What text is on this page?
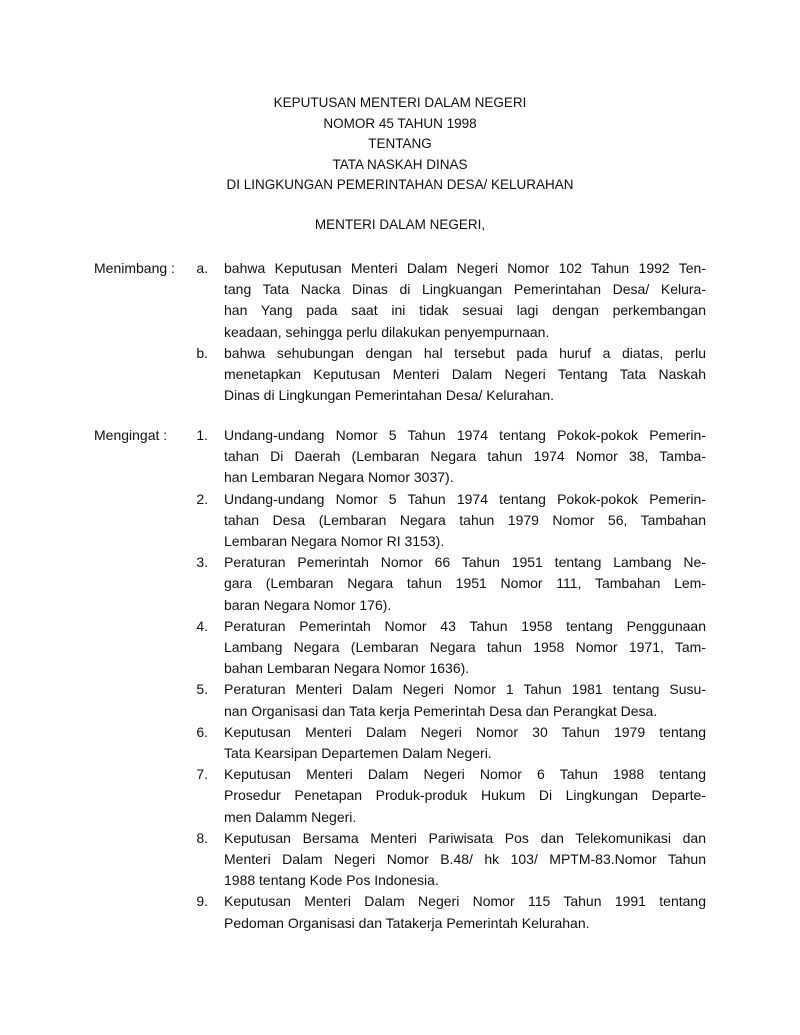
KEPUTUSAN MENTERI DALAM NEGERI
NOMOR 45 TAHUN 1998
TENTANG
TATA NASKAH DINAS
DI LINGKUNGAN PEMERINTAHAN DESA/ KELURAHAN
MENTERI DALAM NEGERI,
Menimbang :	a. bahwa Keputusan Menteri Dalam Negeri Nomor 102 Tahun 1992 Ten-
tang Tata Nacka Dinas di Lingkuangan Pemerintahan Desa/ Kelura-
han Yang pada saat ini tidak sesuai lagi dengan perkembangan
keadaan, sehingga perlu dilakukan penyempurnaan.
b. bahwa sehubungan dengan hal tersebut pada huruf a diatas, perlu
menetapkan Keputusan Menteri Dalam Negeri Tentang Tata Naskah
Dinas di Lingkungan Pemerintahan Desa/ Kelurahan.
Mengingat :	1. Undang-undang Nomor 5 Tahun 1974 tentang Pokok-pokok Pemerin-
tahan Di Daerah (Lembaran Negara tahun 1974 Nomor 38, Tamba-
han Lembaran Negara Nomor 3037).
2. Undang-undang Nomor 5 Tahun 1974 tentang Pokok-pokok Pemerin-
tahan Desa (Lembaran Negara tahun 1979 Nomor 56, Tambahan
Lembaran Negara Nomor RI 3153).
3. Peraturan Pemerintah Nomor 66 Tahun 1951 tentang Lambang Ne-
gara (Lembaran Negara tahun 1951 Nomor 111, Tambahan Lem-
baran Negara Nomor 176).
4. Peraturan Pemerintah Nomor 43 Tahun 1958 tentang Penggunaan
Lambang Negara (Lembaran Negara tahun 1958 Nomor 1971, Tam-
bahan Lembaran Negara Nomor 1636).
5. Peraturan Menteri Dalam Negeri Nomor 1 Tahun 1981 tentang Susu-
nan Organisasi dan Tata kerja Pemerintah Desa dan Perangkat Desa.
6. Keputusan Menteri Dalam Negeri Nomor 30 Tahun 1979 tentang
Tata Kearsipan Departemen Dalam Negeri.
7. Keputusan Menteri Dalam Negeri Nomor 6 Tahun 1988 tentang
Prosedur Penetapan Produk-produk Hukum Di Lingkungan Departe-
men Dalamm Negeri.
8. Keputusan Bersama Menteri Pariwisata Pos dan Telekomunikasi dan
Menteri Dalam Negeri Nomor B.48/ hk 103/ MPTM-83.Nomor Tahun
1988 tentang Kode Pos Indonesia.
9. Keputusan Menteri Dalam Negeri Nomor 115 Tahun 1991 tentang
Pedoman Organisasi dan Tatakerja Pemerintah Kelurahan.
